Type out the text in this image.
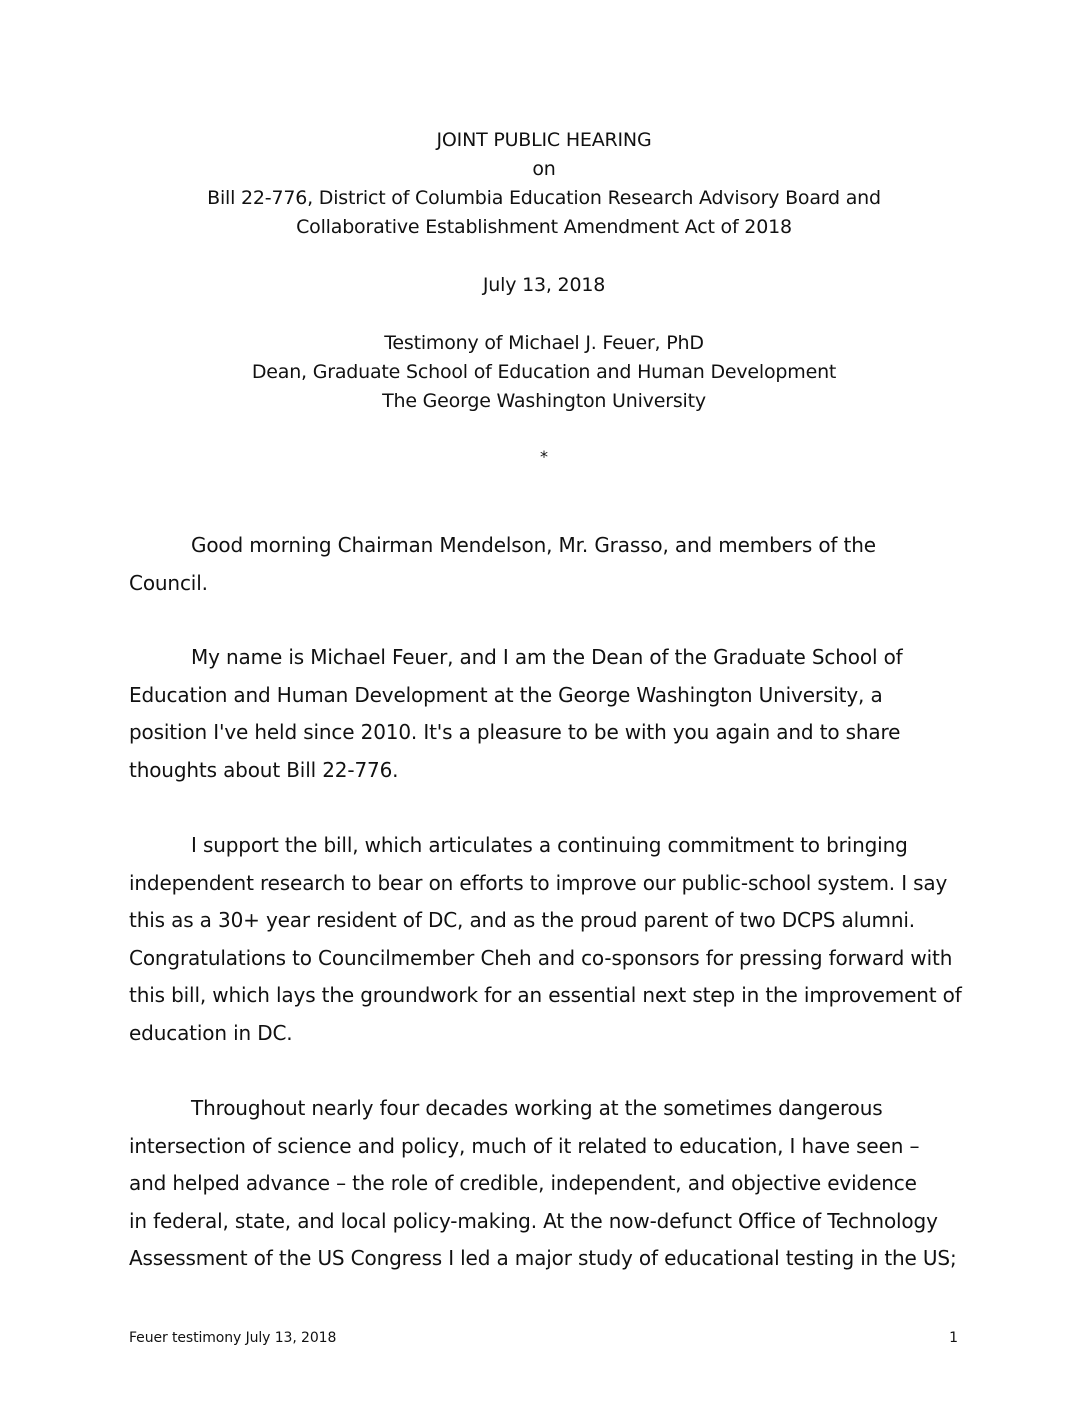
JOINT PUBLIC HEARING
on
Bill 22-776, District of Columbia Education Research Advisory Board and
Collaborative Establishment Amendment Act of 2018
July 13, 2018
Testimony of Michael J. Feuer, PhD
Dean, Graduate School of Education and Human Development
The George Washington University
*
Good morning Chairman Mendelson, Mr. Grasso, and members of the
Council.
My name is Michael Feuer, and I am the Dean of the Graduate School of
Education and Human Development at the George Washington University, a
position I've held since 2010. It's a pleasure to be with you again and to share
thoughts about Bill 22-776.
I support the bill, which articulates a continuing commitment to bringing
independent research to bear on efforts to improve our public-school system. I say
this as a 30+ year resident of DC, and as the proud parent of two DCPS alumni.
Congratulations to Councilmember Cheh and co-sponsors for pressing forward with
this bill, which lays the groundwork for an essential next step in the improvement of
education in DC.
Throughout nearly four decades working at the sometimes dangerous
intersection of science and policy, much of it related to education, I have seen –
and helped advance – the role of credible, independent, and objective evidence
in federal, state, and local policy-making. At the now-defunct Office of Technology
Assessment of the US Congress I led a major study of educational testing in the US;
Feuer testimony July 13, 2018	1
